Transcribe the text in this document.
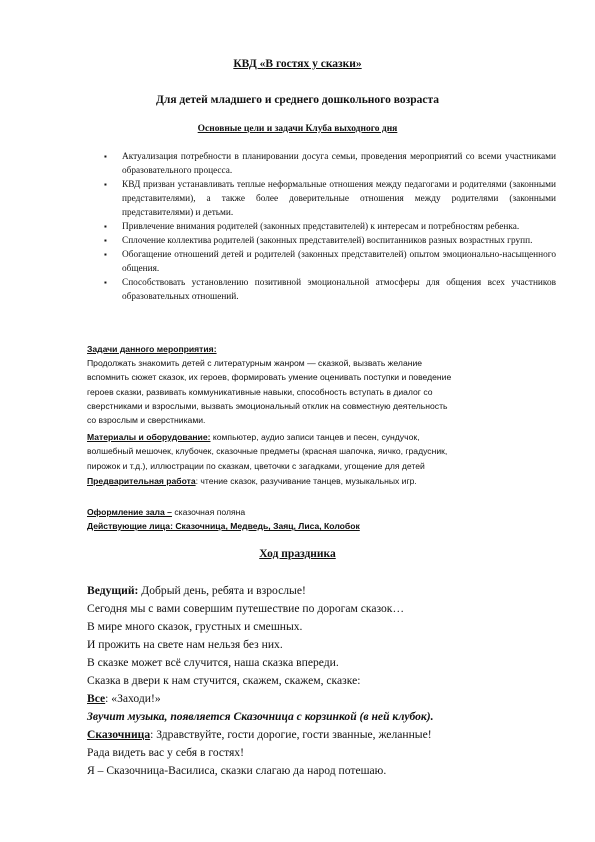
КВД «В гостях у сказки»
Для детей младшего и среднего дошкольного возраста
Основные цели и задачи Клуба выходного дня
▪ Актуализация потребности в планировании досуга семьи, проведения мероприятий со всеми участниками образовательного процесса.
▪ КВД призван устанавливать теплые неформальные отношения между педагогами и родителями (законными представителями), а также более доверительные отношения между родителями (законными представителями) и детьми.
▪ Привлечение внимания родителей (законных представителей) к интересам и потребностям ребенка.
▪ Сплочение коллектива родителей (законных представителей) воспитанников разных возрастных групп.
▪ Обогащение отношений детей и родителей (законных представителей) опытом эмоционально-насыщенного общения.
▪ Способствовать установлению позитивной эмоциональной атмосферы для общения всех участников образовательных отношений.
Задачи данного мероприятия:
Продолжать знакомить детей с литературным жанром — сказкой, вызвать желание
вспомнить сюжет сказок, их героев, формировать умение оценивать поступки и поведение
героев сказки, развивать коммуникативные навыки, способность вступать в диалог со
сверстниками и взрослыми, вызвать эмоциональный отклик на совместную деятельность
со взрослым и сверстниками.
Материалы и оборудование: компьютер, аудио записи танцев и песен, сундучок,
волшебный мешочек, клубочек, сказочные предметы (красная шапочка, яичко, градусник,
пирожок и т.д.), иллюстрации по сказкам, цветочки с загадками, угощение для детей
Предварительная работа: чтение сказок, разучивание танцев, музыкальных игр.
Оформление зала – сказочная поляна
Действующие лица: Сказочница, Медведь, Заяц, Лиса, Колобок
Ход праздника
Ведущий: Добрый день, ребята и взрослые!
Сегодня мы с вами совершим путешествие по дорогам сказок…
В мире много сказок, грустных и смешных.
И прожить на свете нам нельзя без них.
В сказке может всё случится, наша сказка впереди.
Сказка в двери к нам стучится, скажем, скажем, сказке:
Все: «Заходи!»
Звучит музыка, появляется Сказочница с корзинкой (в ней клубок).
Сказочница: Здравствуйте, гости дорогие, гости званные, желанные!
Рада видеть вас у себя в гостях!
Я – Сказочница-Василиса, сказки слагаю да народ потешаю.
